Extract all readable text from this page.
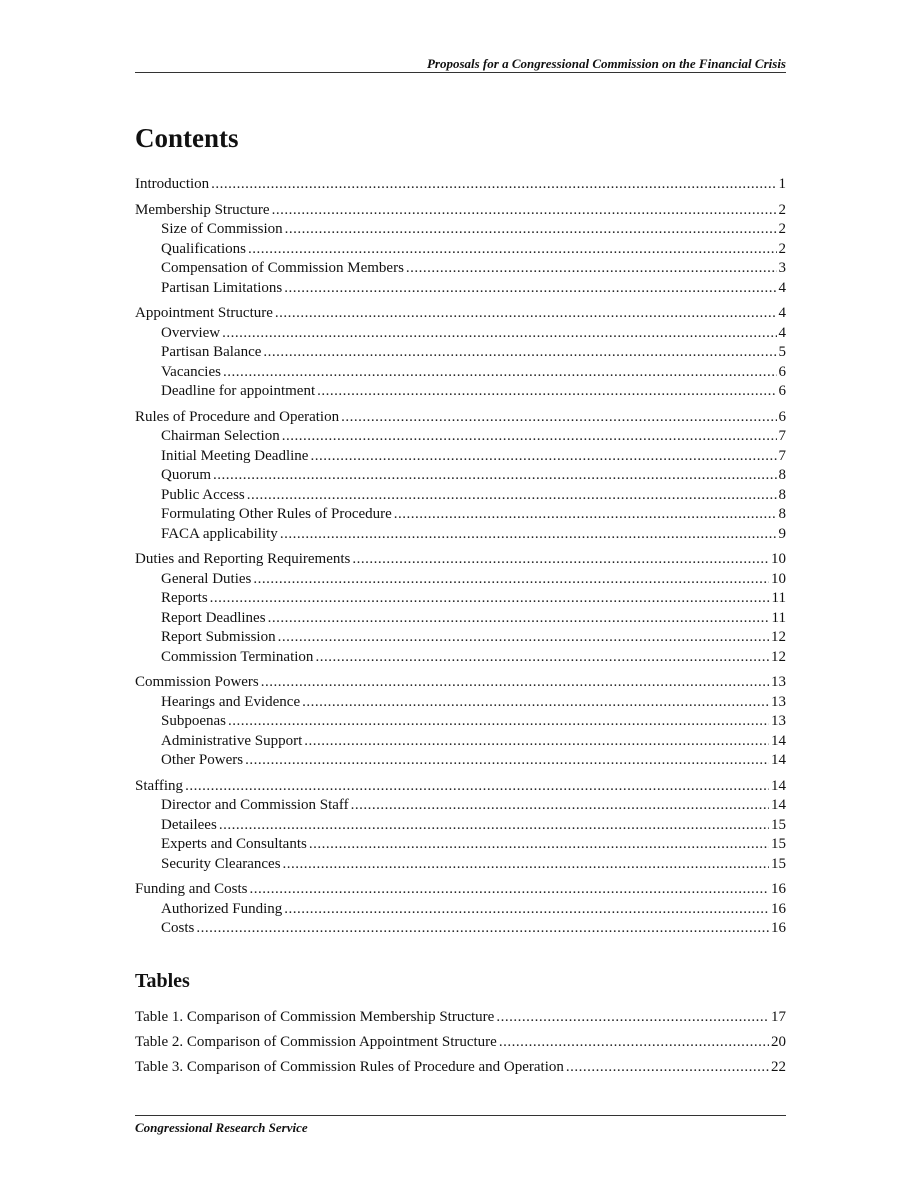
Proposals for a Congressional Commission on the Financial Crisis
Contents
Introduction .....	1
Membership Structure .....	2
Size of Commission .....	2
Qualifications .....	2
Compensation of Commission Members .....	3
Partisan Limitations .....	4
Appointment Structure .....	4
Overview .....	4
Partisan Balance .....	5
Vacancies .....	6
Deadline for appointment .....	6
Rules of Procedure and Operation .....	6
Chairman Selection .....	7
Initial Meeting Deadline .....	7
Quorum .....	8
Public Access .....	8
Formulating Other Rules of Procedure .....	8
FACA applicability .....	9
Duties and Reporting Requirements .....	10
General Duties .....	10
Reports .....	11
Report Deadlines .....	11
Report Submission .....	12
Commission Termination .....	12
Commission Powers .....	13
Hearings and Evidence .....	13
Subpoenas .....	13
Administrative Support .....	14
Other Powers .....	14
Staffing .....	14
Director and Commission Staff .....	14
Detailees .....	15
Experts and Consultants .....	15
Security Clearances .....	15
Funding and Costs .....	16
Authorized Funding .....	16
Costs .....	16
Tables
Table 1. Comparison of Commission Membership Structure .....	17
Table 2. Comparison of Commission Appointment Structure .....	20
Table 3. Comparison of Commission Rules of Procedure and Operation .....	22
Congressional Research Service
